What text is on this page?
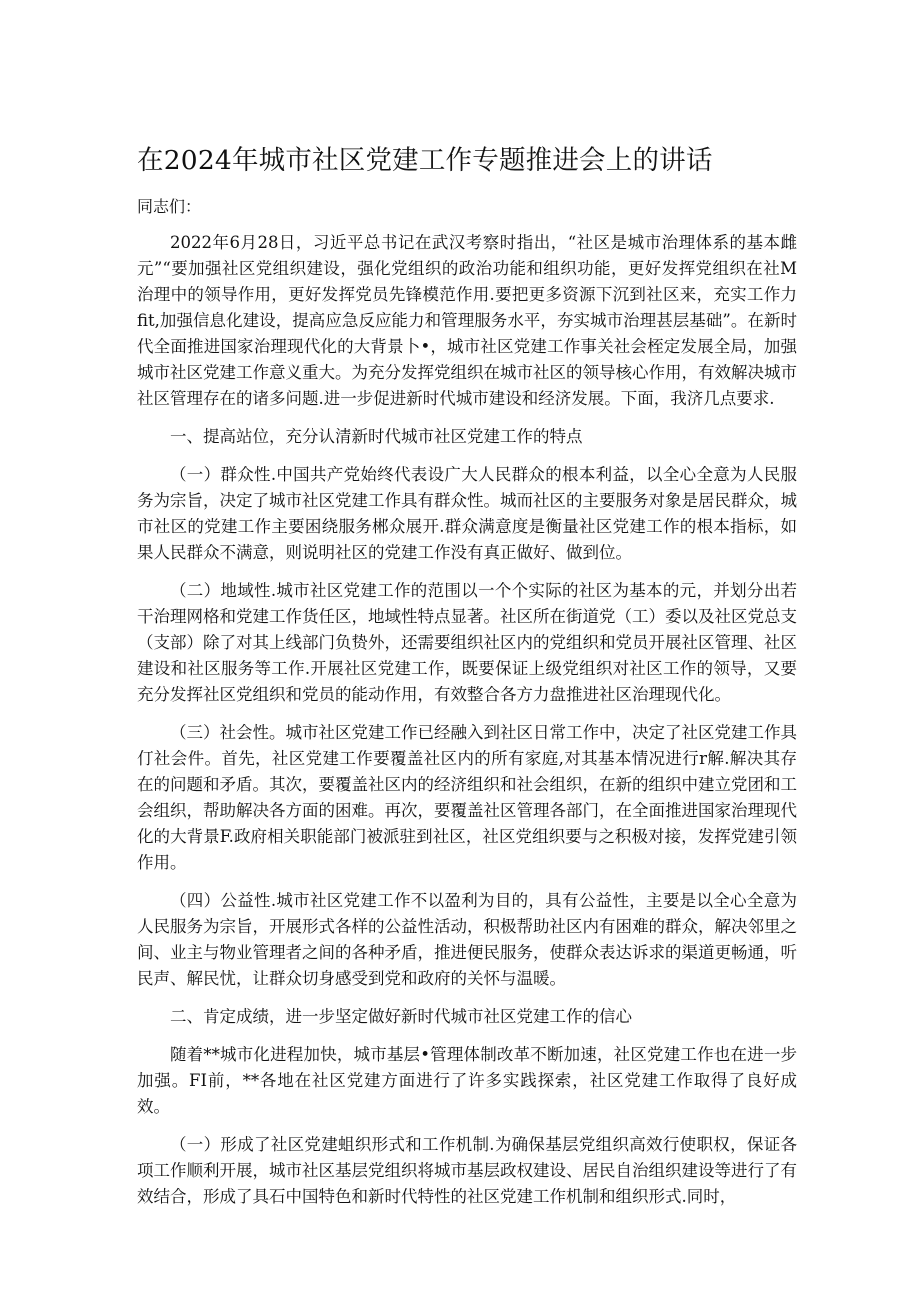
在2024年城市社区党建工作专题推进会上的讲话

同志们：

2022年6月28日，习近平总书记在武汉考察时指出，“社区是城市治理体系的基本雌元”“要加强社区党组织建设，强化党组织的政治功能和组织功能，更好发挥党组织在社M治理中的领导作用，更好发挥党员先锋模范作用.要把更多资源下沉到社区来，充实工作力fit,加强信息化建设，提高应急反应能力和管理服务水平，夯实城市治理甚层基础”。在新时代全面推进国家治理现代化的大背景卜•，城市社区党建工作事关社会桎定发展全局，加强城市社区党建工作意义重大。为充分发挥党组织在城市社区的领导核心作用，有效解决城市社区管理存在的诸多问题.进一步促进新时代城市建设和经济发展。下面，我济几点要求.

一、提高站位，充分认清新时代城市社区党建工作的特点

（一）群众性.中国共产党始终代表设广大人民群众的根本利益，以全心全意为人民服务为宗旨，决定了城市社区党建工作具有群众性。城而社区的主要服务对象是居民群众，城市社区的党建工作主要困绕服务郴众展开.群众满意度是衡量社区党建工作的根本指标，如果人民群众不满意，则说明社区的党建工作没有真正做好、做到位。

（二）地域性.城市社区党建工作的范围以一个个实际的社区为基本的元，并划分出若干治理网格和党建工作货任区，地域性特点显著。社区所在街道党（工）委以及社区党总支（支部）除了对其上线部门负贽外，还需要组织社区内的党组织和党员开展社区管理、社区建设和社区服务等工作.开展社区党建工作，既要保证上级党组织对社区工作的领导，又要充分发挥社区党组织和党员的能动作用，有效整合各方力盘推进社区治理现代化。

（三）社会性。城市社区党建工作已经融入到社区日常工作中，决定了社区党建工作具仃社会件。首先，社区党建工作要覆盖社区内的所有家庭,对其基本情况进行r解.解决其存在的问题和矛盾。其次，要覆盖社区内的经济组织和社会组织，在新的组织中建立党团和工会组织，帮助解决各方面的困难。再次，要覆盖社区管理各部门，在全面推进国家治理现代化的大背景F.政府相关职能部门被派驻到社区，社区党组织要与之积极对接，发挥党建引领作用。

（四）公益性.城市社区党建工作不以盈利为目的，具有公益性，主要是以全心全意为人民服务为宗旨，开展形式各样的公益性活动，积极帮助社区内有困难的群众，解决邻里之间、业主与物业管理者之间的各种矛盾，推进便民服务，使群众表达诉求的渠道更畅通，听民声、解民忧，让群众切身感受到党和政府的关怀与温暖。

二、肯定成绩，进一步坚定做好新时代城市社区党建工作的信心

随着**城市化进程加快，城市基层•管理体制改革不断加速，社区党建工作也在进一步加强。FI前，**各地在社区党建方面进行了许多实践探索，社区党建工作取得了良好成效。

（一）形成了社区党建蛆织形式和工作机制.为确保基层党组织高效行使职权，保证各项工作顺利开展，城市社区基层党组织将城市基层政权建设、居民自治组织建设等进行了有效结合，形成了具石中国特色和新时代特性的社区党建工作机制和组织形式.同时，
